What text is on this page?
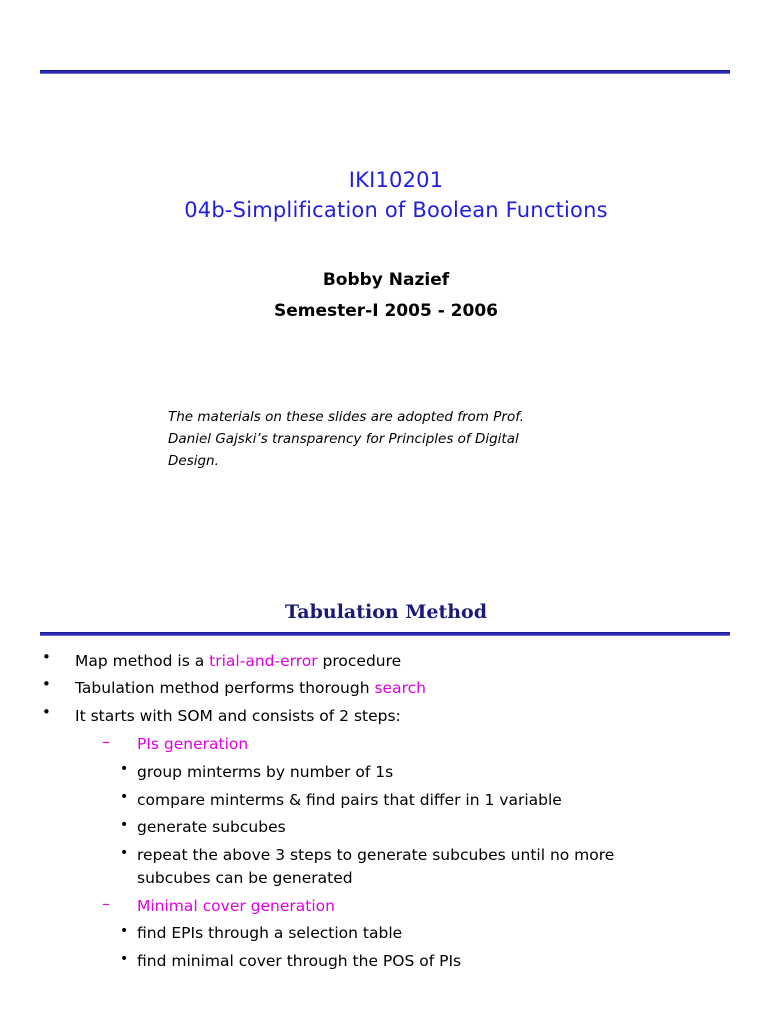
IKI10201
04b-Simplification of Boolean Functions
Bobby Nazief
Semester-I 2005 - 2006
The materials on these slides are adopted from Prof.
Daniel Gajski’s transparency for Principles of Digital
Design.
Tabulation Method
• Map method is a trial-and-error procedure
• Tabulation method performs thorough search
• It starts with SOM and consists of 2 steps:
– PIs generation
• group minterms by number of 1s
• compare minterms & find pairs that differ in 1 variable
• generate subcubes
• repeat the above 3 steps to generate subcubes until no more
subcubes can be generated
– Minimal cover generation
• find EPIs through a selection table
• find minimal cover through the POS of PIs
